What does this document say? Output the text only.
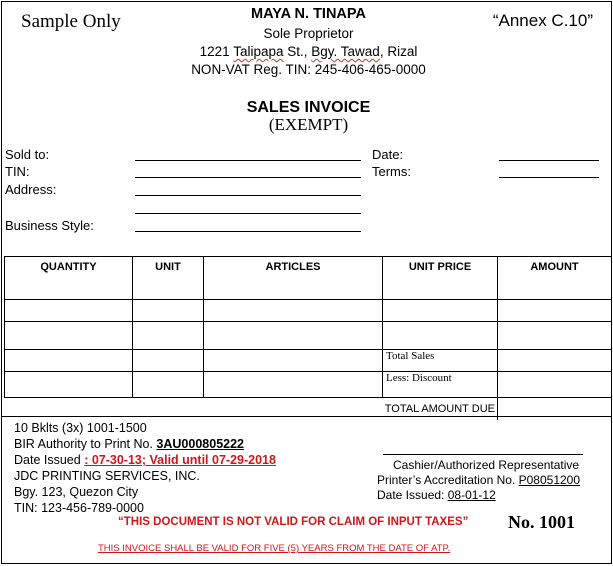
Sample Only	“Annex C.10”
MAYA N. TINAPA
Sole Proprietor
1221 Talipapa St., Bgy. Tawad, Rizal
NON-VAT Reg. TIN: 245-406-465-0000
SALES INVOICE
(EXEMPT)
Sold to:
TIN:
Address:
Business Style:
Date:
Terms:
QUANTITY	UNIT	ARTICLES	UNIT PRICE	AMOUNT

			Total Sales	
			Less: Discount	
			TOTAL AMOUNT DUE	
10 Bklts (3x) 1001-1500
BIR Authority to Print No. 3AU000805222
Date Issued : 07-30-13; Valid until 07-29-2018
JDC PRINTING SERVICES, INC.
Bgy. 123, Quezon City
TIN: 123-456-789-0000
Cashier/Authorized Representative
Printer’s Accreditation No. P08051200
Date Issued: 08-01-12
“THIS DOCUMENT IS NOT VALID FOR CLAIM OF INPUT TAXES” No. 1001
THIS INVOICE SHALL BE VALID FOR FIVE (5) YEARS FROM THE DATE OF ATP.
